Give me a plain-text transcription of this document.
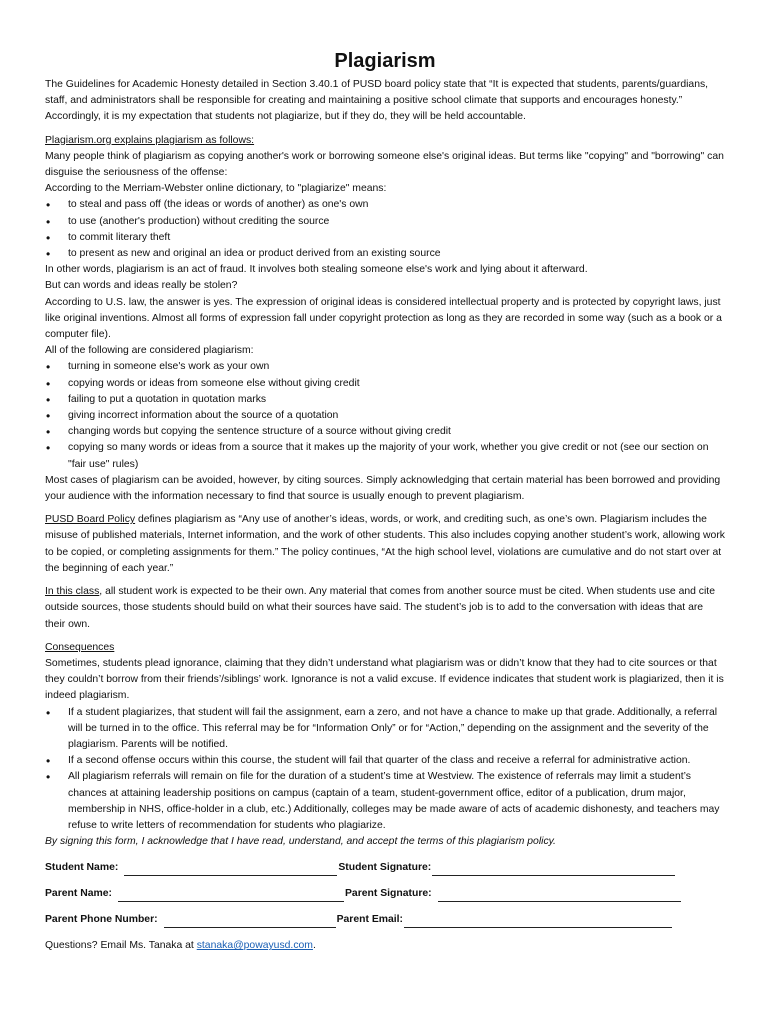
Plagiarism

The Guidelines for Academic Honesty detailed in Section 3.40.1 of PUSD board policy state that “It is expected that students, parents/guardians, staff, and administrators shall be responsible for creating and maintaining a positive school climate that supports and encourages honesty.” Accordingly, it is my expectation that students not plagiarize, but if they do, they will be held accountable.

Plagiarism.org explains plagiarism as follows:

Many people think of plagiarism as copying another's work or borrowing someone else's original ideas. But terms like "copying" and "borrowing" can disguise the seriousness of the offense:

According to the Merriam-Webster online dictionary, to "plagiarize" means:

• to steal and pass off (the ideas or words of another) as one's own
• to use (another's production) without crediting the source
• to commit literary theft
• to present as new and original an idea or product derived from an existing source

In other words, plagiarism is an act of fraud. It involves both stealing someone else's work and lying about it afterward.

But can words and ideas really be stolen?

According to U.S. law, the answer is yes. The expression of original ideas is considered intellectual property and is protected by copyright laws, just like original inventions. Almost all forms of expression fall under copyright protection as long as they are recorded in some way (such as a book or a computer file).

All of the following are considered plagiarism:

• turning in someone else's work as your own
• copying words or ideas from someone else without giving credit
• failing to put a quotation in quotation marks
• giving incorrect information about the source of a quotation
• changing words but copying the sentence structure of a source without giving credit
• copying so many words or ideas from a source that it makes up the majority of your work, whether you give credit or not (see our section on "fair use" rules)

Most cases of plagiarism can be avoided, however, by citing sources. Simply acknowledging that certain material has been borrowed and providing your audience with the information necessary to find that source is usually enough to prevent plagiarism.

PUSD Board Policy defines plagiarism as “Any use of another’s ideas, words, or work, and crediting such, as one’s own. Plagiarism includes the misuse of published materials, Internet information, and the work of other students. This also includes copying another student’s work, allowing work to be copied, or completing assignments for them.” The policy continues, “At the high school level, violations are cumulative and do not start over at the beginning of each year.”

In this class, all student work is expected to be their own. Any material that comes from another source must be cited. When students use and cite outside sources, those students should build on what their sources have said. The student’s job is to add to the conversation with ideas that are their own.

Consequences

Sometimes, students plead ignorance, claiming that they didn’t understand what plagiarism was or didn’t know that they had to cite sources or that they couldn’t borrow from their friends’/siblings’ work. Ignorance is not a valid excuse. If evidence indicates that student work is plagiarized, then it is indeed plagiarism.

• If a student plagiarizes, that student will fail the assignment, earn a zero, and not have a chance to make up that grade. Additionally, a referral will be turned in to the office. This referral may be for “Information Only” or for “Action,” depending on the assignment and the severity of the plagiarism. Parents will be notified.
• If a second offense occurs within this course, the student will fail that quarter of the class and receive a referral for administrative action.
• All plagiarism referrals will remain on file for the duration of a student’s time at Westview. The existence of referrals may limit a student’s chances at attaining leadership positions on campus (captain of a team, student-government office, editor of a publication, drum major, membership in NHS, office-holder in a club, etc.) Additionally, colleges may be made aware of acts of academic dishonesty, and teachers may refuse to write letters of recommendation for students who plagiarize.

By signing this form, I acknowledge that I have read, understand, and accept the terms of this plagiarism policy.

Student Name:	Student Signature:
Parent Name:	Parent Signature:
Parent Phone Number:	Parent Email:

Questions? Email Ms. Tanaka at stanaka@powayusd.com.
